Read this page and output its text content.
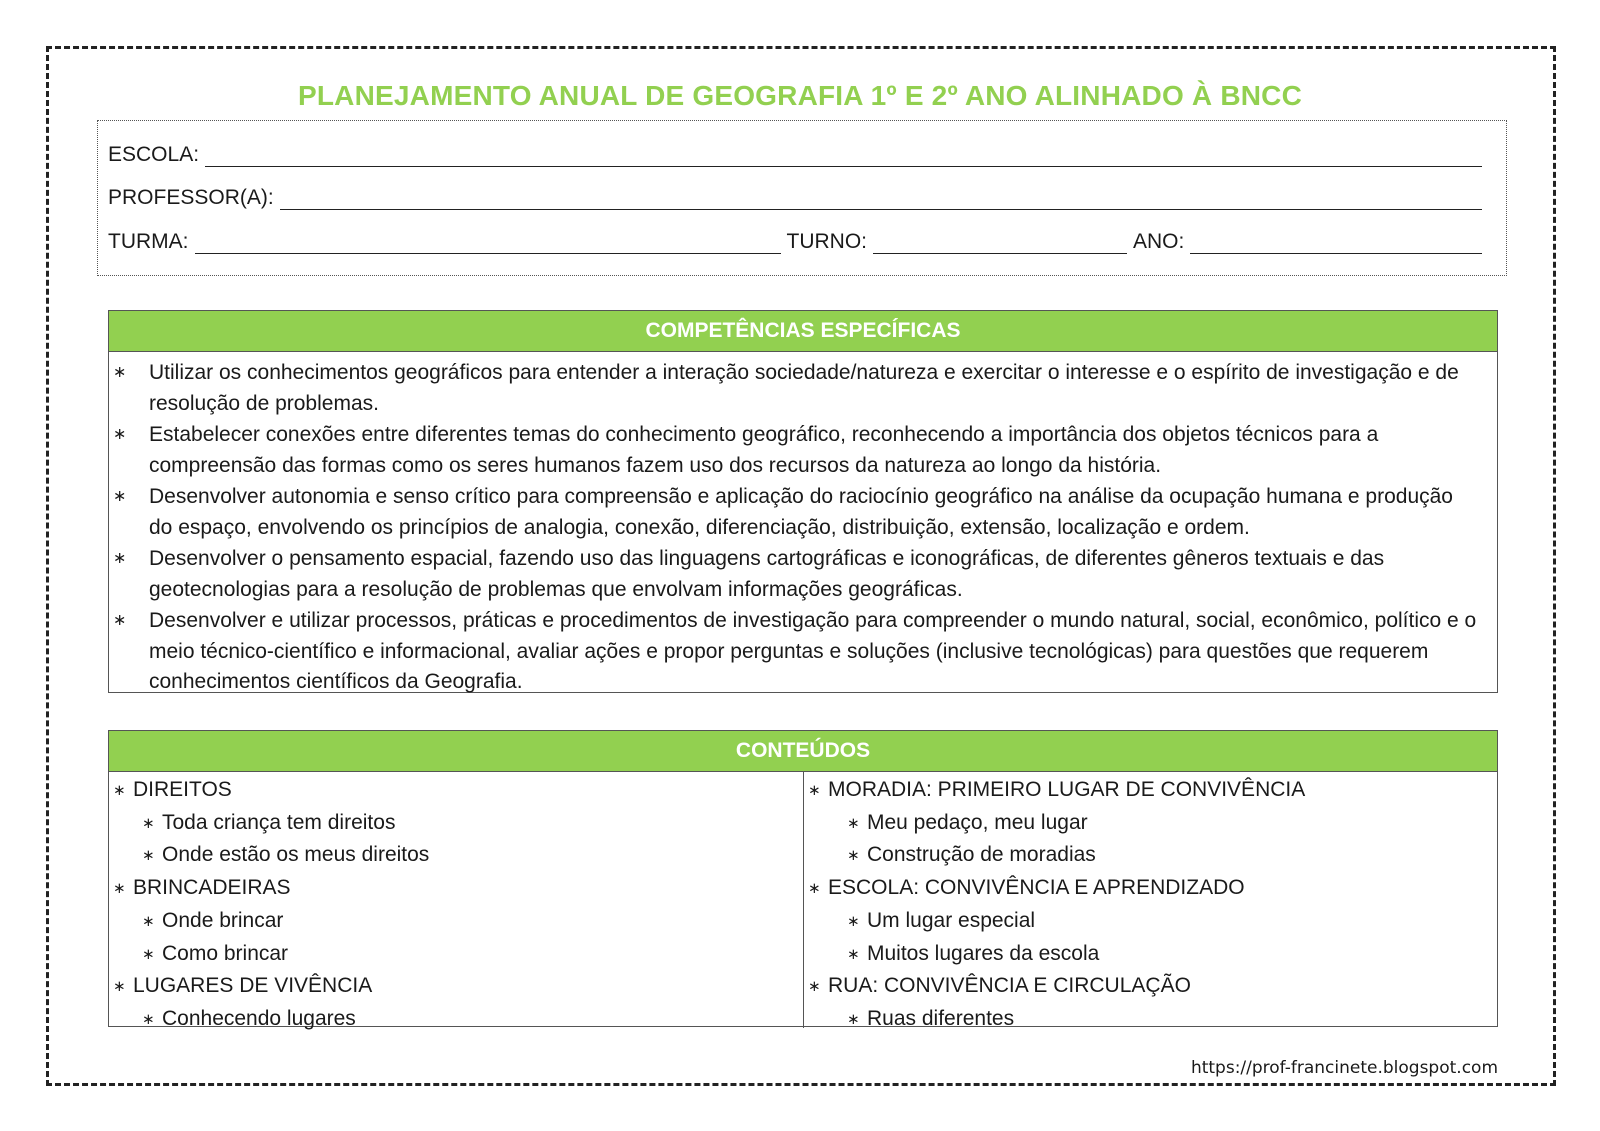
PLANEJAMENTO ANUAL DE GEOGRAFIA 1º E 2º ANO ALINHADO À BNCC
ESCOLA:
PROFESSOR(A):
TURMA:	TURNO:	ANO:
COMPETÊNCIAS ESPECÍFICAS
∗ Utilizar os conhecimentos geográficos para entender a interação sociedade/natureza e exercitar o interesse e o espírito de investigação e de resolução de problemas.
∗ Estabelecer conexões entre diferentes temas do conhecimento geográfico, reconhecendo a importância dos objetos técnicos para a compreensão das formas como os seres humanos fazem uso dos recursos da natureza ao longo da história.
∗ Desenvolver autonomia e senso crítico para compreensão e aplicação do raciocínio geográfico na análise da ocupação humana e produção do espaço, envolvendo os princípios de analogia, conexão, diferenciação, distribuição, extensão, localização e ordem.
∗ Desenvolver o pensamento espacial, fazendo uso das linguagens cartográficas e iconográficas, de diferentes gêneros textuais e das geotecnologias para a resolução de problemas que envolvam informações geográficas.
∗ Desenvolver e utilizar processos, práticas e procedimentos de investigação para compreender o mundo natural, social, econômico, político e o meio técnico-científico e informacional, avaliar ações e propor perguntas e soluções (inclusive tecnológicas) para questões que requerem conhecimentos científicos da Geografia.
CONTEÚDOS
∗ DIREITOS
∗ Toda criança tem direitos
∗ Onde estão os meus direitos
∗ BRINCADEIRAS
∗ Onde brincar
∗ Como brincar
∗ LUGARES DE VIVÊNCIA
∗ Conhecendo lugares
∗ MORADIA: PRIMEIRO LUGAR DE CONVIVÊNCIA
∗ Meu pedaço, meu lugar
∗ Construção de moradias
∗ ESCOLA: CONVIVÊNCIA E APRENDIZADO
∗ Um lugar especial
∗ Muitos lugares da escola
∗ RUA: CONVIVÊNCIA E CIRCULAÇÃO
∗ Ruas diferentes
https://prof-francinete.blogspot.com
